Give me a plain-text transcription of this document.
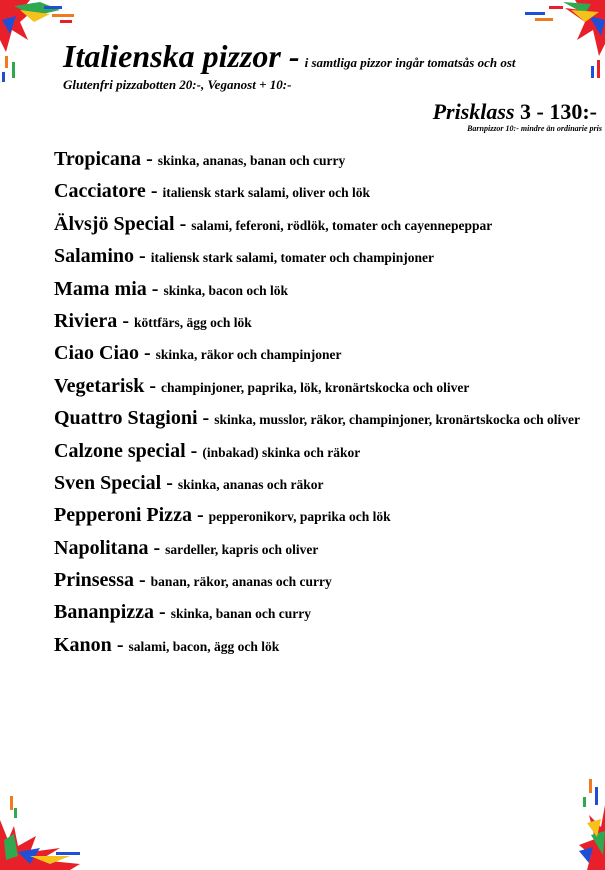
Italienska pizzor - i samtliga pizzor ingår tomatsås och ost
Glutenfri pizzabotten 20:-, Veganost + 10:-
Prisklass 3 - 130:-
Barnpizzor 10:- mindre än ordinarie pris
Tropicana - skinka, ananas, banan och curry
Cacciatore - italiensk stark salami, oliver och lök
Älvsjö Special - salami, feferoni, rödlök, tomater och cayennepeppar
Salamino - italiensk stark salami, tomater och champinjoner
Mama mia - skinka, bacon och lök
Riviera - köttfärs, ägg och lök
Ciao Ciao - skinka, räkor och champinjoner
Vegetarisk - champinjoner, paprika, lök, kronärtskocka och oliver
Quattro Stagioni - skinka, musslor, räkor, champinjoner, kronärtskocka och oliver
Calzone special - (inbakad) skinka och räkor
Sven Special - skinka, ananas och räkor
Pepperoni Pizza - pepperonikorv, paprika och lök
Napolitana - sardeller, kapris och oliver
Prinsessa - banan, räkor, ananas och curry
Bananpizza - skinka, banan och curry
Kanon - salami, bacon, ägg och lök
